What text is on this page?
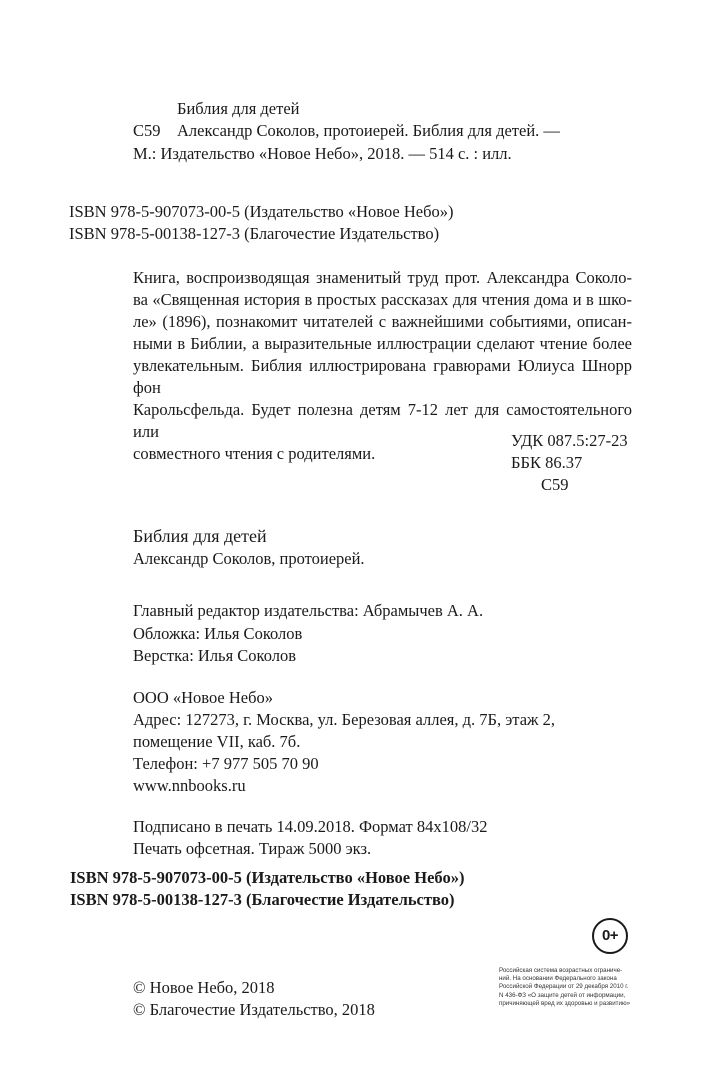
Библия для детей
С59 Александр Соколов, протоиерей. Библия для детей. —
М.: Издательство «Новое Небо», 2018. — 514 с. : илл.
ISBN 978-5-907073-00-5 (Издательство «Новое Небо»)
ISBN 978-5-00138-127-3 (Благочестие Издательство)
Книга, воспроизводящая знаменитый труд прот. Александра Соколо-
ва «Священная история в простых рассказах для чтения дома и в шко-
ле» (1896), познакомит читателей с важнейшими событиями, описан-
ными в Библии, а выразительные иллюстрации сделают чтение более
увлекательным. Библия иллюстрирована гравюрами Юлиуса Шнорр фон
Карольсфельда. Будет полезна детям 7-12 лет для самостоятельного или
совместного чтения с родителями.
УДК 087.5:27-23
ББК 86.37
С59
Библия для детей
Александр Соколов, протоиерей.
Главный редактор издательства: Абрамычев А. А.
Обложка: Илья Соколов
Верстка: Илья Соколов
ООО «Новое Небо»
Адрес: 127273, г. Москва, ул. Березовая аллея, д. 7Б, этаж 2,
помещение VII, каб. 7б.
Телефон: +7 977 505 70 90
www.nnbooks.ru
Подписано в печать 14.09.2018. Формат 84х108/32
Печать офсетная. Тираж 5000 экз.
ISBN 978-5-907073-00-5 (Издательство «Новое Небо»)
ISBN 978-5-00138-127-3 (Благочестие Издательство)
0+
Российская система возрастных ограниче-
ний. На основании Федерального закона
Российской Федерации от 29 декабря 2010 г.
N 436-ФЗ «О защите детей от информации,
причиняющей вред их здоровью и развитию»
© Новое Небо, 2018
© Благочестие Издательство, 2018
